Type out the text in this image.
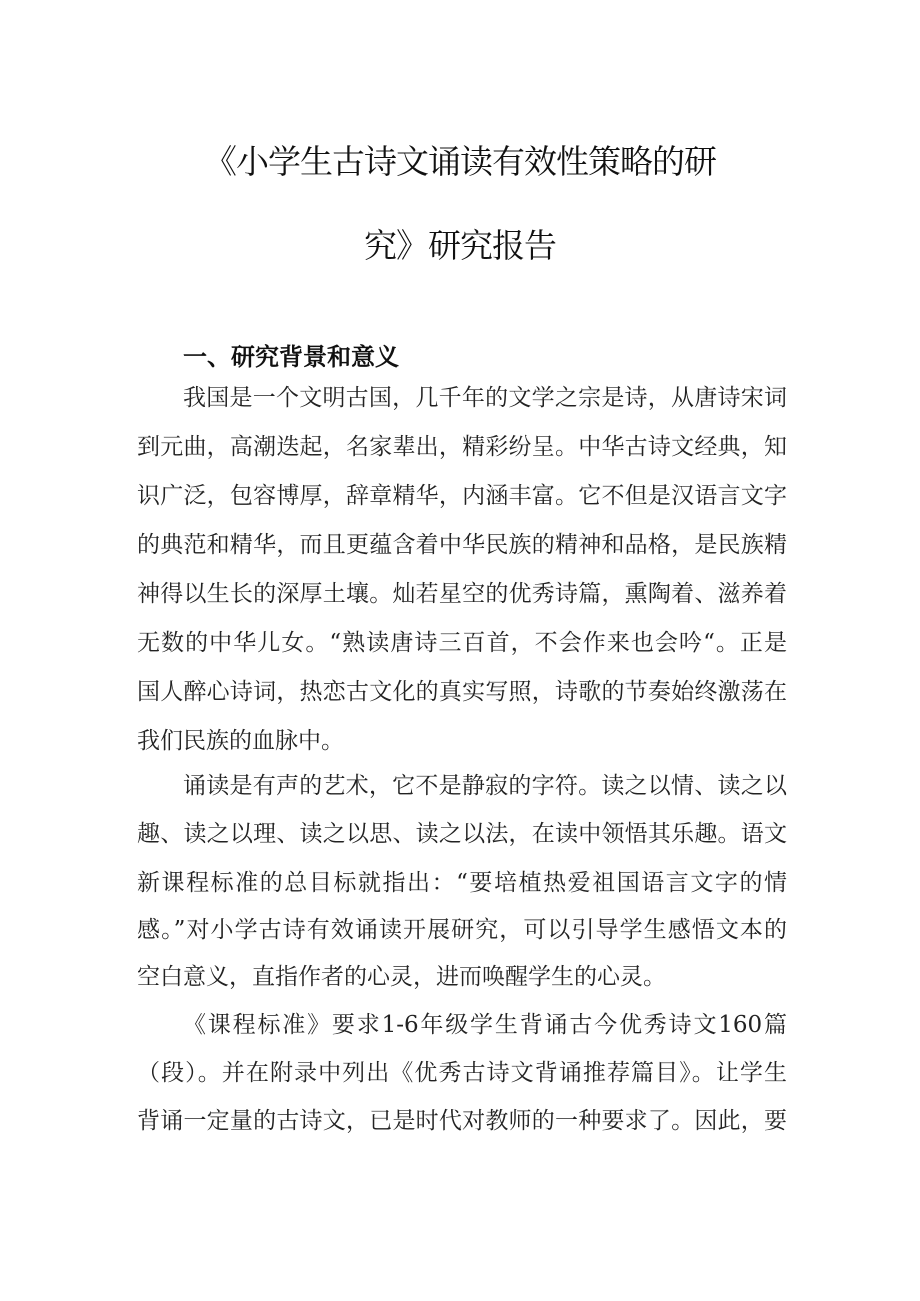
《小学生古诗文诵读有效性策略的研
究》研究报告
一、研究背景和意义
我国是一个文明古国，几千年的文学之宗是诗，从唐诗宋词
到元曲，高潮迭起，名家辈出，精彩纷呈。中华古诗文经典，知
识广泛，包容博厚，辞章精华，内涵丰富。它不但是汉语言文字
的典范和精华，而且更蕴含着中华民族的精神和品格，是民族精
神得以生长的深厚土壤。灿若星空的优秀诗篇，熏陶着、滋养着
无数的中华儿女。“熟读唐诗三百首，不会作来也会吟“。正是
国人醉心诗词，热恋古文化的真实写照，诗歌的节奏始终激荡在
我们民族的血脉中。
诵读是有声的艺术，它不是静寂的字符。读之以情、读之以
趣、读之以理、读之以思、读之以法，在读中领悟其乐趣。语文
新课程标准的总目标就指出：“要培植热爱祖国语言文字的情
感。”对小学古诗有效诵读开展研究，可以引导学生感悟文本的
空白意义，直指作者的心灵，进而唤醒学生的心灵。
《课程标准》要求1-6年级学生背诵古今优秀诗文160篇
（段）。并在附录中列出《优秀古诗文背诵推荐篇目》。让学生
背诵一定量的古诗文，已是时代对教师的一种要求了。因此，要
